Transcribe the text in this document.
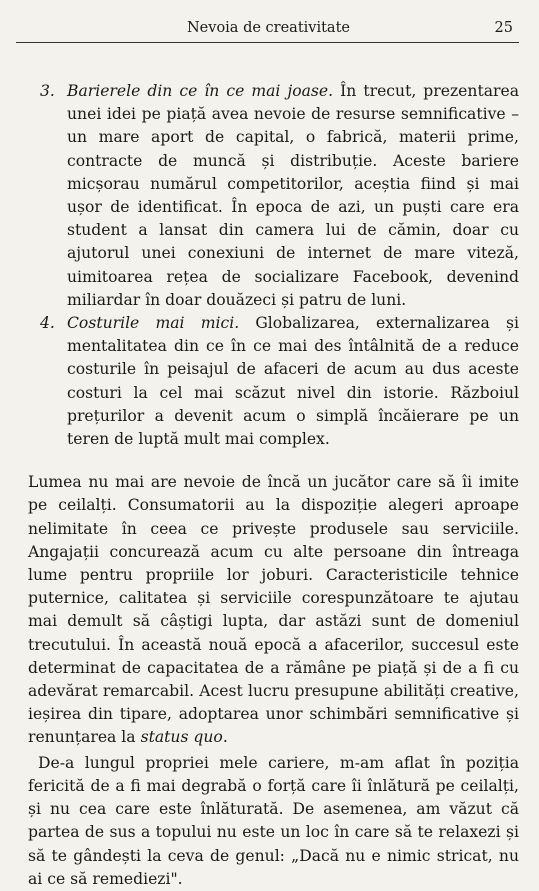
Nevoia de creativitate	25
3. Barierele din ce în ce mai joase. În trecut, prezentarea unei idei pe piață avea nevoie de resurse semnificative – un mare aport de capital, o fabrică, materii prime, contracte de muncă și distribuție. Aceste bariere micșorau numărul competitorilor, aceștia fiind și mai ușor de identificat. În epoca de azi, un puști care era student a lansat din camera lui de cămin, doar cu ajutorul unei conexiuni de internet de mare viteză, uimitoarea rețea de socializare Facebook, devenind miliardar în doar douăzeci și patru de luni.
4. Costurile mai mici. Globalizarea, externalizarea și mentalitatea din ce în ce mai des întâlnită de a reduce costurile în peisajul de afaceri de acum au dus aceste costuri la cel mai scăzut nivel din istorie. Războiul prețurilor a devenit acum o simplă încăierare pe un teren de luptă mult mai complex.

Lumea nu mai are nevoie de încă un jucător care să îi imite pe ceilalți. Consumatorii au la dispoziție alegeri aproape nelimitate în ceea ce privește produsele sau serviciile. Angajații concurează acum cu alte persoane din întreaga lume pentru propriile lor joburi. Caracteristicile tehnice puternice, calitatea și serviciile corespunzătoare te ajutau mai demult să câștigi lupta, dar astăzi sunt de domeniul trecutului. În această nouă epocă a afacerilor, succesul este determinat de capacitatea de a rămâne pe piață și de a fi cu adevărat remarcabil. Acest lucru presupune abilități creative, ieșirea din tipare, adoptarea unor schimbări semnificative și renunțarea la status quo.

De-a lungul propriei mele cariere, m-am aflat în poziția fericită de a fi mai degrabă o forță care îi înlătură pe ceilalți, și nu cea care este înlăturată. De asemenea, am văzut că partea de sus a topului nu este un loc în care să te relaxezi și să te gândești la ceva de genul: „Dacă nu e nimic stricat, nu ai ce să remediezi".
